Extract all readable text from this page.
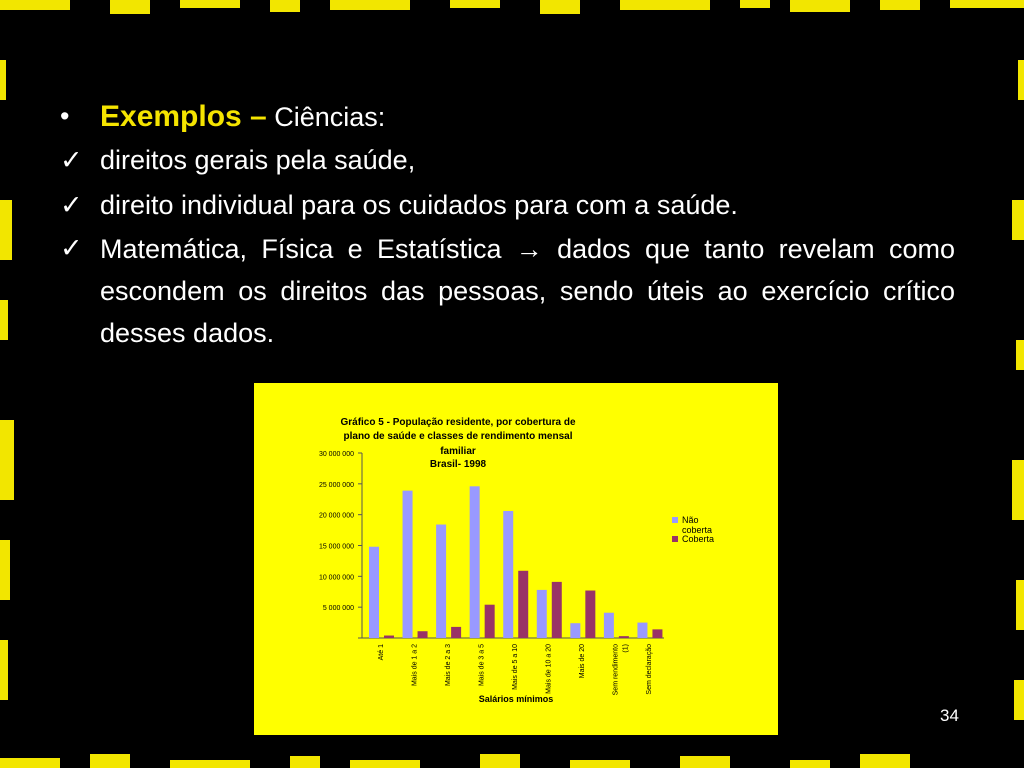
•	Exemplos – Ciências:
✓ direitos gerais pela saúde,
✓ direito individual para os cuidados para com a saúde.
✓ Matemática, Física e Estatística → dados que tanto revelam como escondem os direitos das pessoas, sendo úteis ao exercício crítico desses dados.
Gráfico 5 - População residente, por cobertura de
plano de saúde e classes de rendimento mensal
familiar
Brasil- 1998
30 000 000
25 000 000
20 000 000
15 000 000
10 000 000
5 000 000
Até 1	Mais de 1 a 2	Mais de 2 a 3	Mais de 3 a 5	Mais de 5 a 10	Mais de 10 a 20	Mais de 20	Sem rendimento (1) Sem declaração
Salários mínimos
Não
coberta
Coberta
34
